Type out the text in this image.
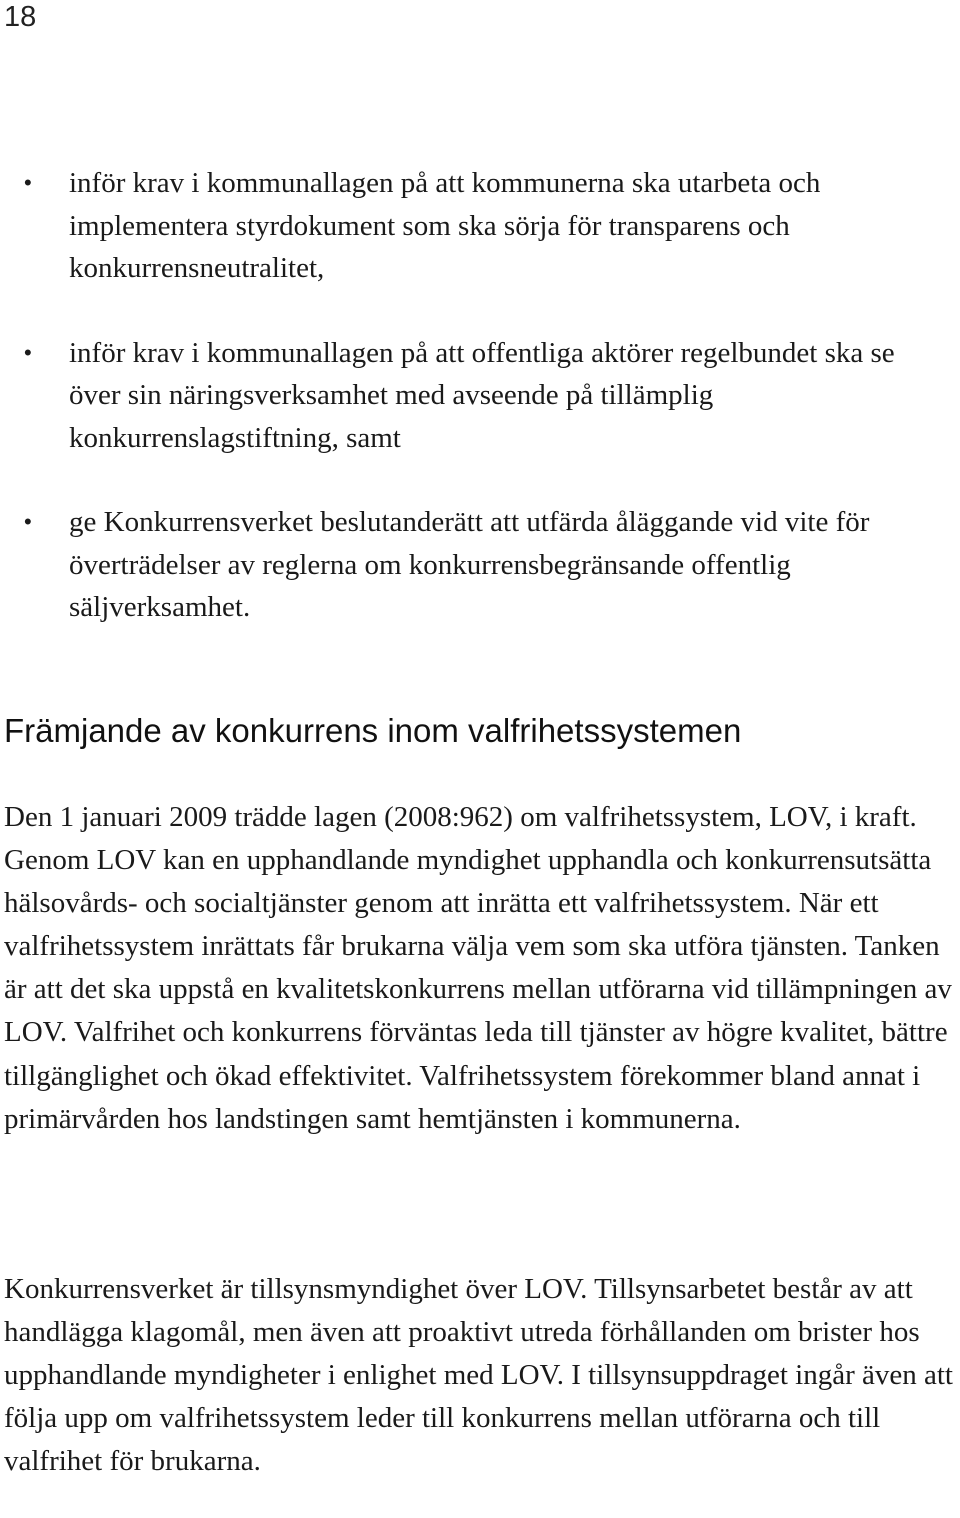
18
• inför krav i kommunallagen på att kommunerna ska utarbeta och implementera styrdokument som ska sörja för transparens och konkurrensneutralitet,
• inför krav i kommunallagen på att offentliga aktörer regelbundet ska se över sin näringsverksamhet med avseende på tillämplig konkurrenslagstiftning, samt
• ge Konkurrensverket beslutanderätt att utfärda åläggande vid vite för överträdelser av reglerna om konkurrensbegränsande offentlig säljverksamhet.
Främjande av konkurrens inom valfrihetssystemen

Den 1 januari 2009 trädde lagen (2008:962) om valfrihetssystem, LOV, i kraft. Genom LOV kan en upphandlande myndighet upphandla och konkurrensutsätta hälsovårds- och socialtjänster genom att inrätta ett valfrihetssystem. När ett valfrihetssystem inrättats får brukarna välja vem som ska utföra tjänsten. Tanken är att det ska uppstå en kvalitetskonkurrens mellan utförarna vid tillämpningen av LOV. Valfrihet och konkurrens förväntas leda till tjänster av högre kvalitet, bättre tillgänglighet och ökad effektivitet. Valfrihetssystem förekommer bland annat i primärvården hos landstingen samt hemtjänsten i kommunerna.

Konkurrensverket är tillsynsmyndighet över LOV. Tillsynsarbetet består av att handlägga klagomål, men även att proaktivt utreda förhållanden om brister hos upphandlande myndigheter i enlighet med LOV. I tillsynsuppdraget ingår även att följa upp om valfrihetssystem leder till konkurrens mellan utförarna och till valfrihet för brukarna.
